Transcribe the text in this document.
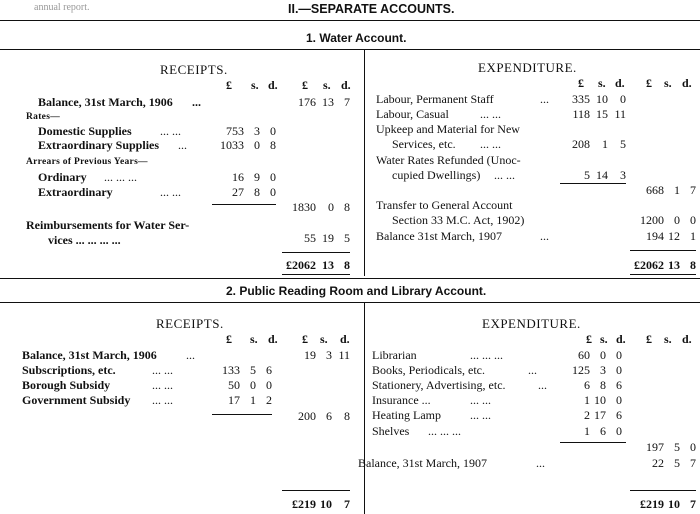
annual report.	II.—SEPARATE ACCOUNTS.
1. Water Account.
RECEIPTS.
£ s. d. £ s. d.
Balance, 31st March, 1906 ...	176 13 7
Rates—
Domestic Supplies ... ...	753 3 0
Extraordinary Supplies ...	1033 0 8
Arrears of Previous Years—
Ordinary ... ... ...	16 9 0
Extraordinary	... ...	27 8 0
1830	0 8
Reimbursements for Water Ser-
vices ... ... ... ...	55 19 5
£2062 13 8
EXPENDITURE.
£ s. d. £ s. d.
Labour, Permanent Staff	...	335 10	0
Labour, Casual	... ...	118 15 11
Upkeep and Material for New
Services, etc. ... ...	208	1	5
Water Rates Refunded (Unoc-
cupied Dwellings) ... ...	5 14	3
668 1 7
Transfer to General Account
Section 33 M.C. Act, 1902)	1200 0 0
Balance 31st March, 1907	...	194 12 1
£2062 13 8
2. Public Reading Room and Library Account.
RECEIPTS.
£ s. d. £ s. d.
Balance, 31st March, 1906 ...	19 3 11
Subscriptions, etc.	... ...	133 5 6
Borough Subsidy	... ...	50 0 0
Government Subsidy ... ...	17 1 2
200 6	8
£219 10	7
EXPENDITURE.
£ s. d. £ s. d.
Librarian	... ... ...	60 0 0
Books, Periodicals, etc.	...	125 3 0
Stationery, Advertising, etc.	...	6 8 6
Insurance ...	... ...	1 10 0
Heating Lamp ... ...	2 17 6
Shelves ... ... ...	1 6 0
197 5 0
Balance, 31st March, 1907	...	22 5 7
£219 10 7
